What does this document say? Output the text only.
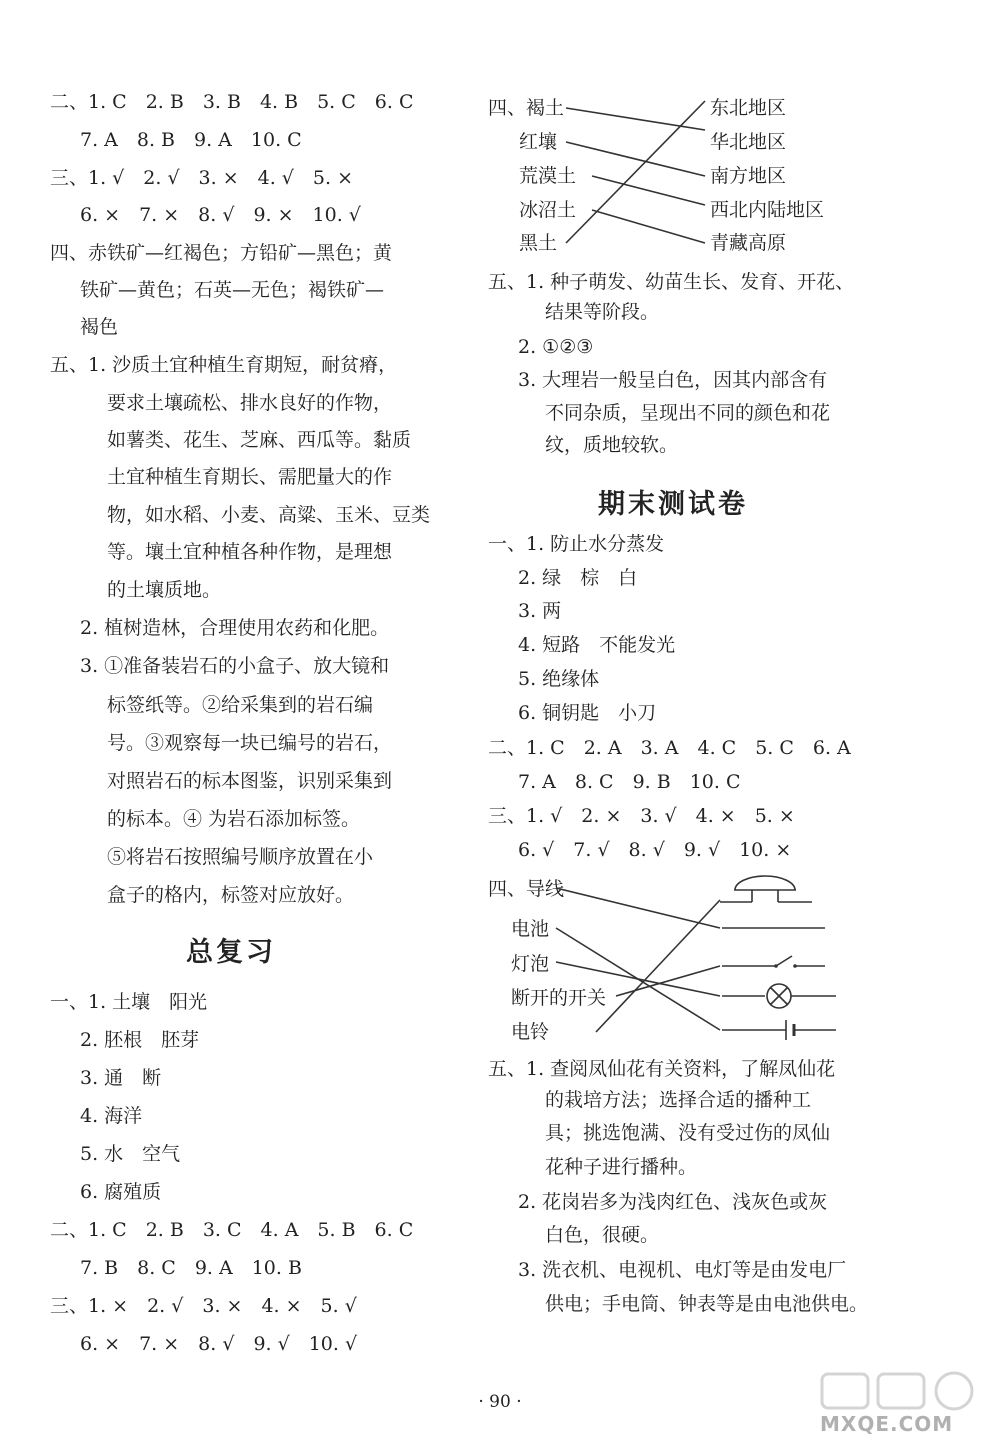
二、1. C　2. B　3. B　4. B　5. C　6. C
7. A　8. B　9. A　10. C
三、1. √　2. √　3. ×　4. √　5. ×
6. ×　7. ×　8. √　9. ×　10. √
四、赤铁矿—红褐色；方铅矿—黑色；黄
铁矿—黄色；石英—无色；褐铁矿—
褐色
五、1. 沙质土宜种植生育期短，耐贫瘠，
要求土壤疏松、排水良好的作物，
如薯类、花生、芝麻、西瓜等。黏质
土宜种植生育期长、需肥量大的作
物，如水稻、小麦、高粱、玉米、豆类
等。壤土宜种植各种作物，是理想
的土壤质地。
2. 植树造林，合理使用农药和化肥。
3. ①准备装岩石的小盒子、放大镜和
标签纸等。②给采集到的岩石编
号。③观察每一块已编号的岩石，
对照岩石的标本图鉴，识别采集到
的标本。④ 为岩石添加标签。
⑤将岩石按照编号顺序放置在小
盒子的格内，标签对应放好。
总复习
一、1. 土壤　阳光
2. 胚根　胚芽
3. 通　断
4. 海洋
5. 水　空气
6. 腐殖质
二、1. C　2. B　3. C　4. A　5. B　6. C
7. B　8. C　9. A　10. B
三、1. ×　2. √　3. ×　4. ×　5. √
6. ×　7. ×　8. √　9. √　10. √
四、褐土
红壤
荒漠土
冰沼土
黑土
东北地区
华北地区
南方地区
西北内陆地区
青藏高原
五、1. 种子萌发、幼苗生长、发育、开花、
结果等阶段。
2. ①②③
3. 大理岩一般呈白色，因其内部含有
不同杂质，呈现出不同的颜色和花
纹，质地较软。
期末测试卷
一、1. 防止水分蒸发
2. 绿　棕　白
3. 两
4. 短路　不能发光
5. 绝缘体
6. 铜钥匙　小刀
二、1. C　2. A　3. A　4. C　5. C　6. A
7. A　8. C　9. B　10. C
三、1. √　2. ×　3. √　4. ×　5. ×
6. √　7. √　8. √　9. √　10. ×
四、导线
电池
灯泡
断开的开关
电铃
五、1. 查阅凤仙花有关资料，了解凤仙花
的栽培方法；选择合适的播种工
具；挑选饱满、没有受过伤的凤仙
花种子进行播种。
2. 花岗岩多为浅肉红色、浅灰色或灰
白色，很硬。
3. 洗衣机、电视机、电灯等是由发电厂
供电；手电筒、钟表等是由电池供电。
· 90 ·
MXQE.COM
